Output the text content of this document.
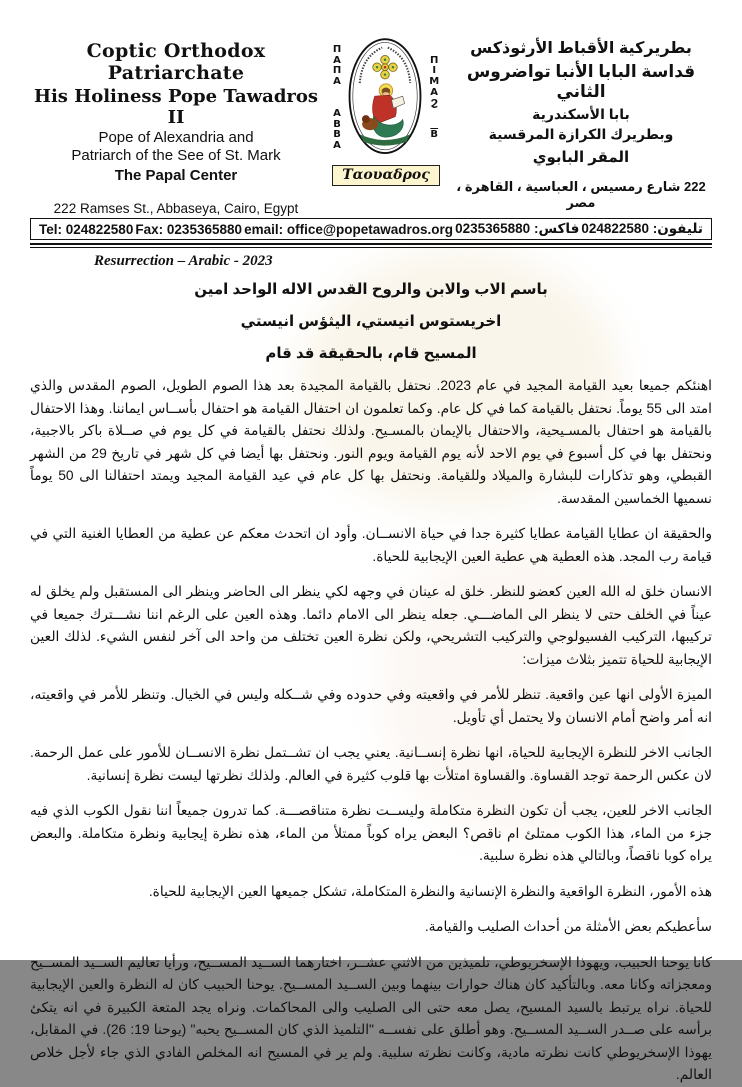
Coptic Orthodox Patriarchate
His Holiness Pope Tawadros II
Pope of Alexandria and
Patriarch of the See of St. Mark
The Papal Center
222 Ramses St., Abbaseya, Cairo, Egypt

Π
Α
Π
Α

Α
Β
Β
Α

Π
Ι
Μ
Α
Ϩ

$\overline{B}$

Ταουαδρος
بطريركية الأقباط الأرثوذكس
قداسة البابا الأنبا تواضروس الثاني
بابا الأسكندرية
وبطريرك الكرازة المرقسية
المقر البابوي
222 شارع رمسيس ، العباسية ، القاهرة ، مصر
Tel: 024822580 Fax: 0235365880 email: office@popetawadros.org فاكس: 0235365880 تليفون: 024822580
Resurrection – Arabic - 2023
باسم الاب والابن والروح القدس الاله الواحد امين
اخريستوس انيستي، اليثؤس انيستي
المسيح قام، بالحقيقة قد قام

اهنئكم جميعا بعيد القيامة المجيد في عام 2023. نحتفل بالقيامة المجيدة بعد هذا الصوم الطويل، الصوم المقدس والذي امتد الى 55 يوماً. نحتفل بالقيامة كما في كل عام. وكما تعلمون ان احتفال القيامة هو احتفال بأســاس ايماننا. وهذا الاحتفال بالقيامة هو احتفال بالمسـيحية، والاحتفال بالإيمان بالمسـيح. ولذلك نحتفل بالقيامة في كل يوم في صــلاة باكر بالاجبية، ونحتفل بها في كل أسبوع في يوم الاحد لأنه يوم القيامة ويوم النور. ونحتفل بها أيضا في كل شهر في تاريخ 29 من الشهر القبطي، وهو تذكارات للبشارة والميلاد وللقيامة. ونحتفل بها كل عام في عيد القيامة المجيد ويمتد احتفالنا الى 50 يوماً نسميها الخماسين المقدسة.

والحقيقة ان عطايا القيامة عطايا كثيرة جدا في حياة الانســان. وأود ان اتحدث معكم عن عطية من العطايا الغنية التي في قيامة رب المجد. هذه العطية هي عطية العين الإيجابية للحياة.

الانسان خلق له الله العين كعضو للنظر. خلق له عينان في وجهه لكي ينظر الى الحاضر وينظر الى المستقبل ولم يخلق له عيناً في الخلف حتى لا ينظر الى الماضـــي. جعله ينظر الى الامام دائما. وهذه العين على الرغم اننا نشـــترك جميعا في تركيبها، التركيب الفسيولوجي والتركيب التشريحي، ولكن نظرة العين تختلف من واحد الى آخر لنفس الشيء. لذلك العين الإيجابية للحياة تتميز بثلاث ميزات:

الميزة الأولى انها عين واقعية. تنظر للأمر في واقعيته وفي حدوده وفي شــكله وليس في الخيال. وتنظر للأمر في واقعيته، انه أمر واضح أمام الانسان ولا يحتمل أي تأويل.

الجانب الاخر للنظرة الإيجابية للحياة، انها نظرة إنســانية. يعني يجب ان تشــتمل نظرة الانســان للأمور على عمل الرحمة. لان عكس الرحمة توجد القساوة. والقساوة امتلأت بها قلوب كثيرة في العالم. ولذلك نظرتها ليست نظرة إنسانية.

الجانب الاخر للعين، يجب أن تكون النظرة متكاملة وليســت نظرة متناقصـــة. كما تدرون جميعاً اننا نقول الكوب الذي فيه جزء من الماء، هذا الكوب ممتلئ ام ناقص؟ البعض يراه كوباً ممتلأ من الماء، هذه نظرة إيجابية ونظرة متكاملة. والبعض يراه كوبا ناقصاً، وبالتالي هذه نظرة سلبية.

هذه الأمور، النظرة الواقعية والنظرة الإنسانية والنظرة المتكاملة، تشكل جميعها العين الإيجابية للحياة.

سأعطيكم بعض الأمثلة من أحداث الصليب والقيامة.

كانا يوحنا الحبيب، ويهوذا الإسخريوطي، تلميذين من الاثني عشــر، اختارهما الســيد المســيح، ورأيا تعاليم الســيد المســيح ومعجزاته وكانا معه. وبالتأكيد كان هناك حوارات بينهما وبين الســيد المســيح. يوحنا الحبيب كان له النظرة والعين الإيجابية للحياة. نراه يرتبط بالسيد المسيح، يصل معه حتى الى الصليب والى المحاكمات. ونراه يجد المتعة الكبيرة في انه يتكئ برأسه على صــدر الســيد المســيح. وهو أطلق على نفســه "التلميذ الذي كان المســيح يحبه" (يوحنا 19: 26). في المقابل، يهوذا الإسخريوطي كانت نظرته مادية، وكانت نظرته سلبية. ولم ير في المسيح انه المخلص الفادي الذي جاء لأجل خلاص العالم.
